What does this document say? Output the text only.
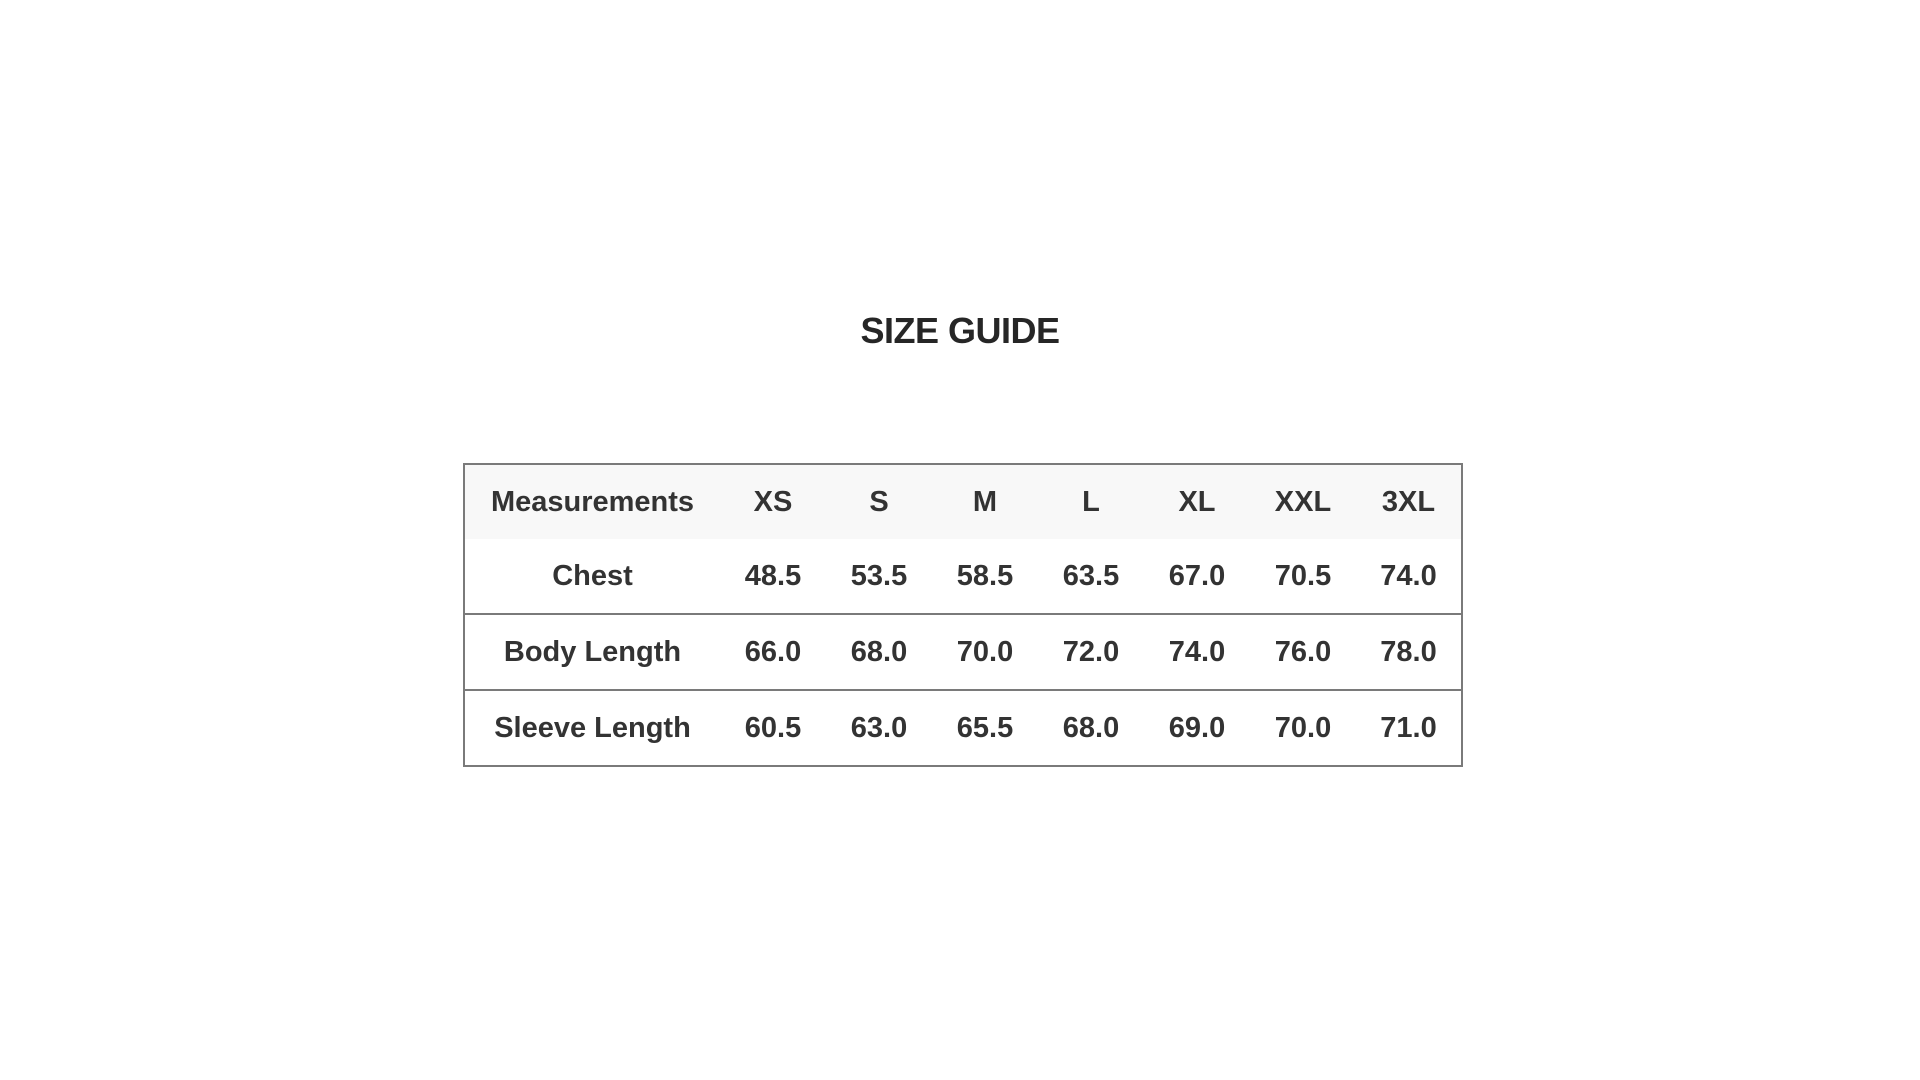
SIZE GUIDE
Measurements	XS	S	M	L	XL	XXL	3XL
Chest	48.5	53.5	58.5	63.5	67.0	70.5	74.0
Body Length	66.0	68.0	70.0	72.0	74.0	76.0	78.0
Sleeve Length	60.5	63.0	65.5	68.0	69.0	70.0	71.0
